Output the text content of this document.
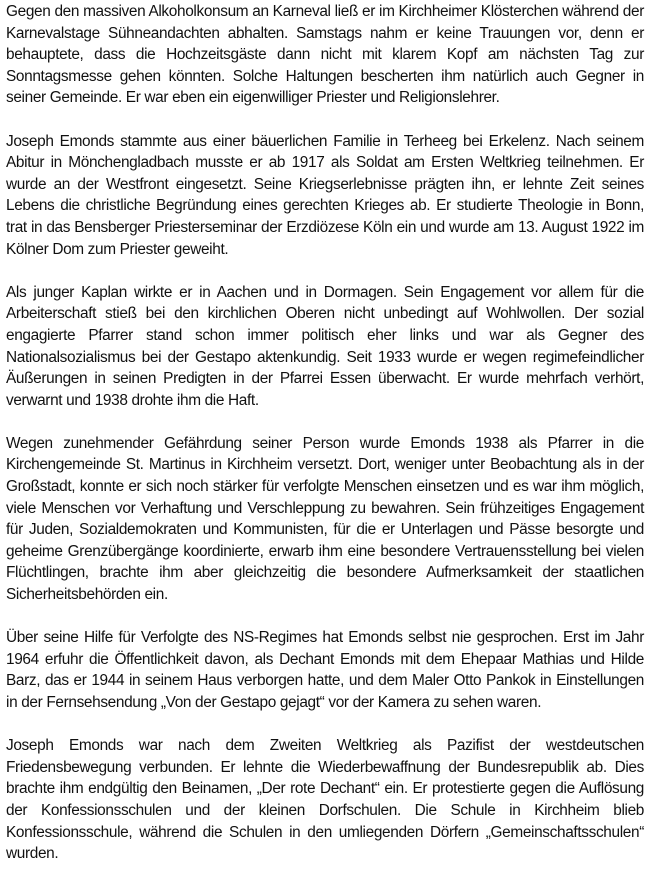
Gegen den massiven Alkoholkonsum an Karneval ließ er im Kirchheimer Klösterchen während der Karnevalstage Sühneandachten abhalten. Samstags nahm er keine Trauungen vor, denn er behauptete, dass die Hochzeitsgäste dann nicht mit klarem Kopf am nächsten Tag zur Sonntagsmesse gehen könnten. Solche Haltungen bescherten ihm natürlich auch Gegner in seiner Gemeinde. Er war eben ein eigenwilliger Priester und Religionslehrer.

Joseph Emonds stammte aus einer bäuerlichen Familie in Terheeg bei Erkelenz. Nach seinem Abitur in Mönchengladbach musste er ab 1917 als Soldat am Ersten Weltkrieg teilnehmen. Er wurde an der Westfront eingesetzt. Seine Kriegserlebnisse prägten ihn, er lehnte Zeit seines Lebens die christliche Begründung eines gerechten Krieges ab. Er studierte Theologie in Bonn, trat in das Bensberger Priesterseminar der Erzdiözese Köln ein und wurde am 13. August 1922 im Kölner Dom zum Priester geweiht.

Als junger Kaplan wirkte er in Aachen und in Dormagen. Sein Engagement vor allem für die Arbeiterschaft stieß bei den kirchlichen Oberen nicht unbedingt auf Wohlwollen. Der sozial engagierte Pfarrer stand schon immer politisch eher links und war als Gegner des Nationalsozialismus bei der Gestapo aktenkundig. Seit 1933 wurde er wegen regimefeindlicher Äußerungen in seinen Predigten in der Pfarrei Essen überwacht. Er wurde mehrfach verhört, verwarnt und 1938 drohte ihm die Haft.

Wegen zunehmender Gefährdung seiner Person wurde Emonds 1938 als Pfarrer in die Kirchengemeinde St. Martinus in Kirchheim versetzt. Dort, weniger unter Beobachtung als in der Großstadt, konnte er sich noch stärker für verfolgte Menschen einsetzen und es war ihm möglich, viele Menschen vor Verhaftung und Verschleppung zu bewahren. Sein frühzeitiges Engagement für Juden, Sozialdemokraten und Kommunisten, für die er Unterlagen und Pässe besorgte und geheime Grenzübergänge koordinierte, erwarb ihm eine besondere Vertrauensstellung bei vielen Flüchtlingen, brachte ihm aber gleichzeitig die besondere Aufmerksamkeit der staatlichen Sicherheitsbehörden ein.

Über seine Hilfe für Verfolgte des NS-Regimes hat Emonds selbst nie gesprochen. Erst im Jahr 1964 erfuhr die Öffentlichkeit davon, als Dechant Emonds mit dem Ehepaar Mathias und Hilde Barz, das er 1944 in seinem Haus verborgen hatte, und dem Maler Otto Pankok in Einstellungen in der Fernsehsendung „Von der Gestapo gejagt“ vor der Kamera zu sehen waren.

Joseph Emonds war nach dem Zweiten Weltkrieg als Pazifist der westdeutschen Friedensbewegung verbunden. Er lehnte die Wiederbewaffnung der Bundesrepublik ab. Dies brachte ihm endgültig den Beinamen, „Der rote Dechant“ ein. Er protestierte gegen die Auflösung der Konfessionsschulen und der kleinen Dorfschulen. Die Schule in Kirchheim blieb Konfessionsschule, während die Schulen in den umliegenden Dörfern „Gemeinschaftsschulen“ wurden.
